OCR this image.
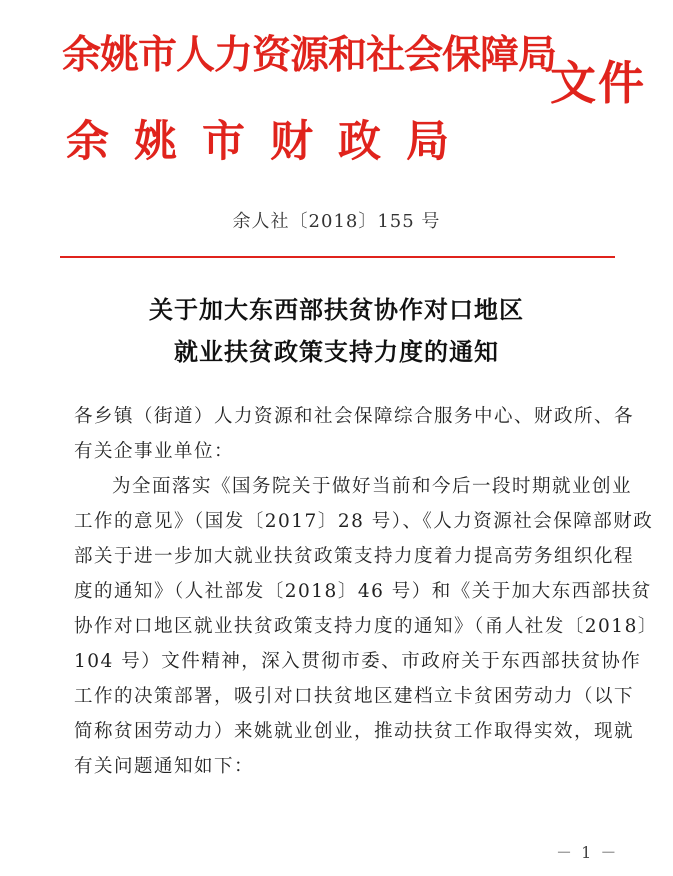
余姚市人力资源和社会保障局
余姚市财政局
文件
余人社〔2018〕155 号
关于加大东西部扶贫协作对口地区
就业扶贫政策支持力度的通知
各乡镇（街道）人力资源和社会保障综合服务中心、财政所、各
有关企事业单位：
为全面落实《国务院关于做好当前和今后一段时期就业创业
工作的意见》（国发〔2017〕28 号）、《人力资源社会保障部财政
部关于进一步加大就业扶贫政策支持力度着力提高劳务组织化程
度的通知》（人社部发〔2018〕46 号）和《关于加大东西部扶贫
协作对口地区就业扶贫政策支持力度的通知》（甬人社发〔2018〕
104 号）文件精神，深入贯彻市委、市政府关于东西部扶贫协作
工作的决策部署，吸引对口扶贫地区建档立卡贫困劳动力（以下
简称贫困劳动力）来姚就业创业，推动扶贫工作取得实效，现就
有关问题通知如下：
－ 1 －
